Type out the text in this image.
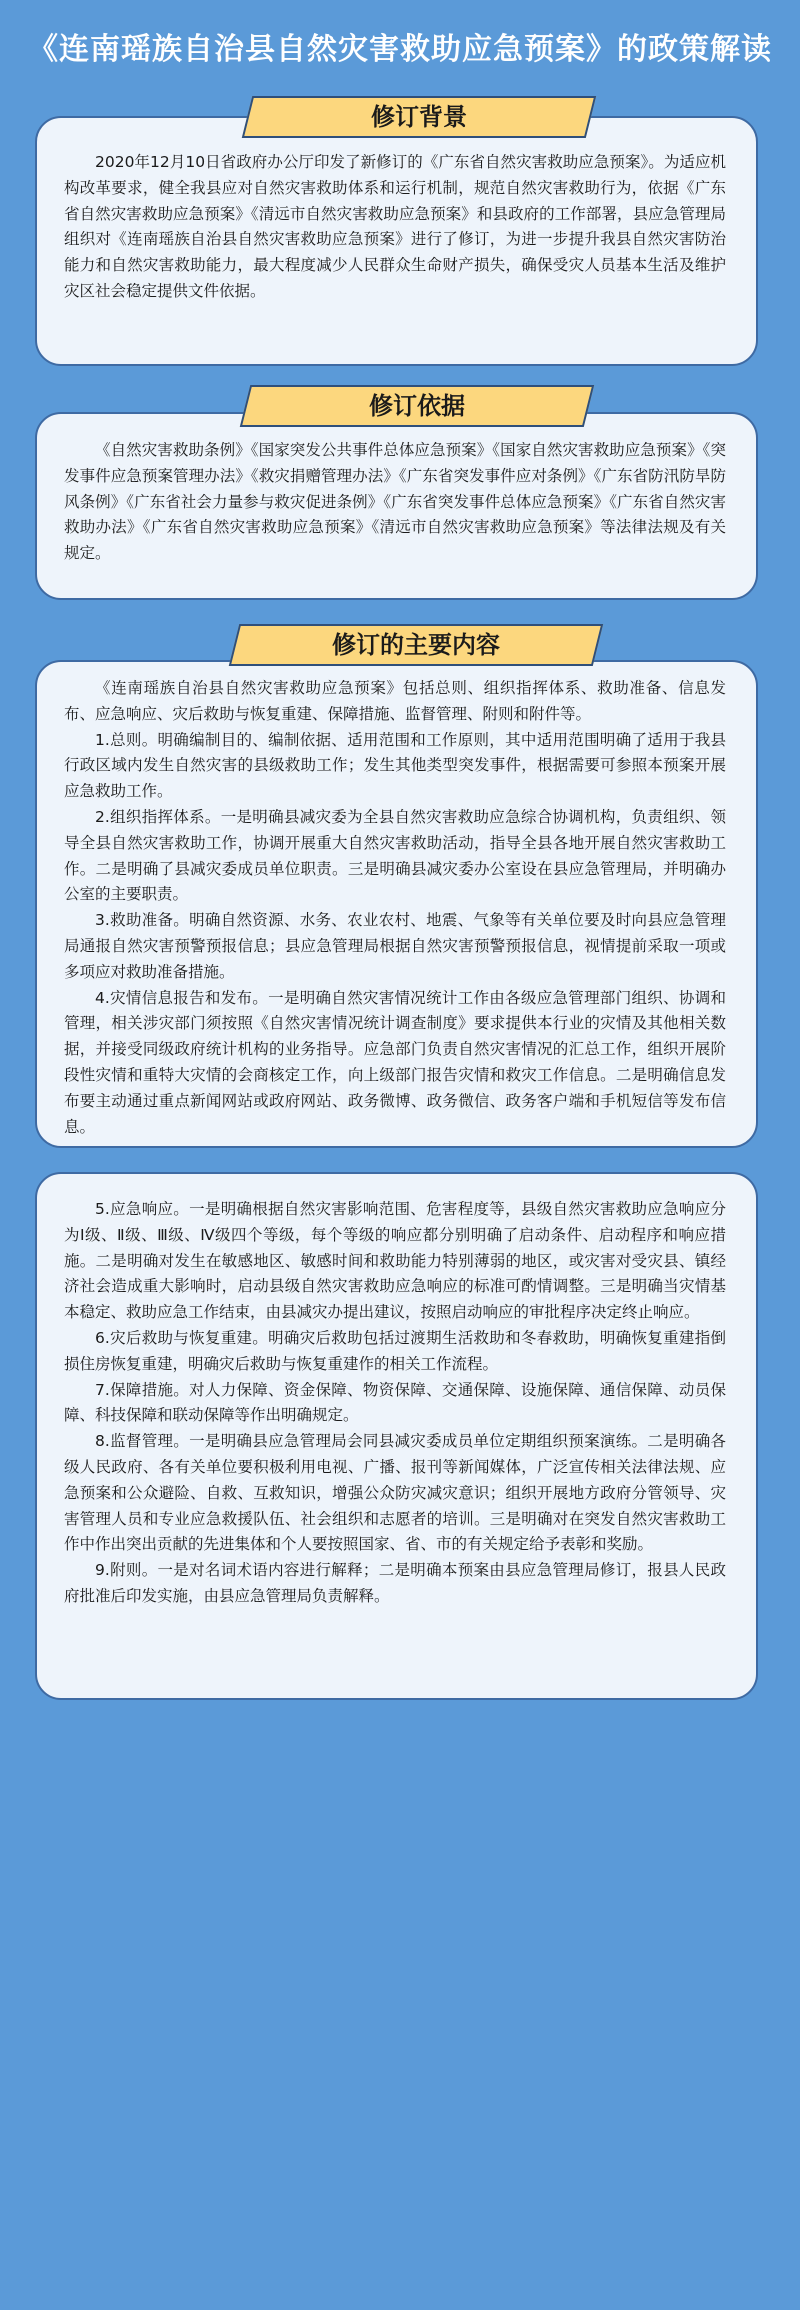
《连南瑶族自治县自然灾害救助应急预案》的政策解读
修订背景

2020年12月10日省政府办公厅印发了新修订的《广东省自然灾害救助应急预案》。为适应机构改革要求，健全我县应对自然灾害救助体系和运行机制，规范自然灾害救助行为，依据《广东省自然灾害救助应急预案》《清远市自然灾害救助应急预案》和县政府的工作部署，县应急管理局组织对《连南瑶族自治县自然灾害救助应急预案》进行了修订，为进一步提升我县自然灾害防治能力和自然灾害救助能力，最大程度减少人民群众生命财产损失，确保受灾人员基本生活及维护灾区社会稳定提供文件依据。

修订依据

《自然灾害救助条例》《国家突发公共事件总体应急预案》《国家自然灾害救助应急预案》《突发事件应急预案管理办法》《救灾捐赠管理办法》《广东省突发事件应对条例》《广东省防汛防旱防风条例》《广东省社会力量参与救灾促进条例》《广东省突发事件总体应急预案》《广东省自然灾害救助办法》《广东省自然灾害救助应急预案》《清远市自然灾害救助应急预案》等法律法规及有关规定。

修订的主要内容

《连南瑶族自治县自然灾害救助应急预案》包括总则、组织指挥体系、救助准备、信息发布、应急响应、灾后救助与恢复重建、保障措施、监督管理、附则和附件等。

1.总则。明确编制目的、编制依据、适用范围和工作原则，其中适用范围明确了适用于我县行政区域内发生自然灾害的县级救助工作；发生其他类型突发事件，根据需要可参照本预案开展应急救助工作。

2.组织指挥体系。一是明确县减灾委为全县自然灾害救助应急综合协调机构，负责组织、领导全县自然灾害救助工作，协调开展重大自然灾害救助活动，指导全县各地开展自然灾害救助工作。二是明确了县减灾委成员单位职责。三是明确县减灾委办公室设在县应急管理局，并明确办公室的主要职责。

3.救助准备。明确自然资源、水务、农业农村、地震、气象等有关单位要及时向县应急管理局通报自然灾害预警预报信息；县应急管理局根据自然灾害预警预报信息，视情提前采取一项或多项应对救助准备措施。

4.灾情信息报告和发布。一是明确自然灾害情况统计工作由各级应急管理部门组织、协调和管理，相关涉灾部门须按照《自然灾害情况统计调查制度》要求提供本行业的灾情及其他相关数据，并接受同级政府统计机构的业务指导。应急部门负责自然灾害情况的汇总工作，组织开展阶段性灾情和重特大灾情的会商核定工作，向上级部门报告灾情和救灾工作信息。二是明确信息发布要主动通过重点新闻网站或政府网站、政务微博、政务微信、政务客户端和手机短信等发布信息。

5.应急响应。一是明确根据自然灾害影响范围、危害程度等，县级自然灾害救助应急响应分为Ⅰ级、Ⅱ级、Ⅲ级、Ⅳ级四个等级，每个等级的响应都分别明确了启动条件、启动程序和响应措施。二是明确对发生在敏感地区、敏感时间和救助能力特别薄弱的地区，或灾害对受灾县、镇经济社会造成重大影响时，启动县级自然灾害救助应急响应的标准可酌情调整。三是明确当灾情基本稳定、救助应急工作结束，由县减灾办提出建议，按照启动响应的审批程序决定终止响应。

6.灾后救助与恢复重建。明确灾后救助包括过渡期生活救助和冬春救助，明确恢复重建指倒损住房恢复重建，明确灾后救助与恢复重建作的相关工作流程。

7.保障措施。对人力保障、资金保障、物资保障、交通保障、设施保障、通信保障、动员保障、科技保障和联动保障等作出明确规定。

8.监督管理。一是明确县应急管理局会同县减灾委成员单位定期组织预案演练。二是明确各级人民政府、各有关单位要积极利用电视、广播、报刊等新闻媒体，广泛宣传相关法律法规、应急预案和公众避险、自救、互救知识，增强公众防灾减灾意识；组织开展地方政府分管领导、灾害管理人员和专业应急救援队伍、社会组织和志愿者的培训。三是明确对在突发自然灾害救助工作中作出突出贡献的先进集体和个人要按照国家、省、市的有关规定给予表彰和奖励。

9.附则。一是对名词术语内容进行解释；二是明确本预案由县应急管理局修订，报县人民政府批准后印发实施，由县应急管理局负责解释。
